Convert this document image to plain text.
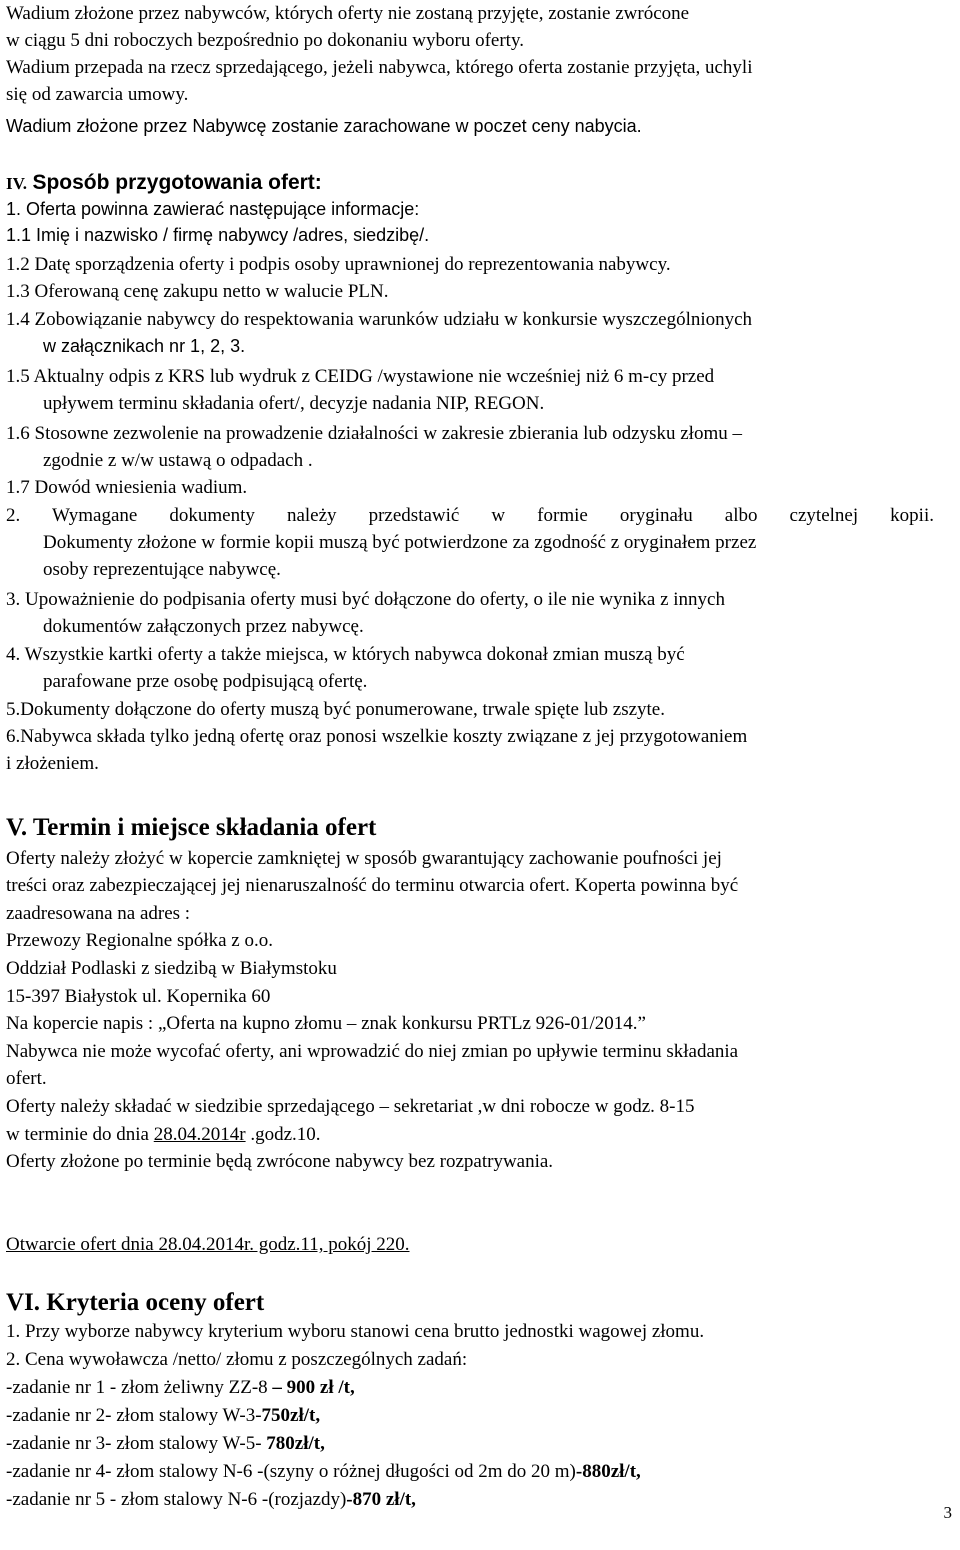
Wadium złożone przez nabywców, których oferty nie zostaną przyjęte, zostanie zwrócone
w ciągu 5 dni roboczych bezpośrednio po dokonaniu wyboru oferty.
Wadium przepada na rzecz sprzedającego, jeżeli nabywca, którego oferta zostanie przyjęta, uchyli
się od zawarcia umowy.
Wadium złożone przez Nabywcę zostanie zarachowane w poczet ceny nabycia.
IV. Sposób przygotowania ofert:
1. Oferta powinna zawierać następujące informacje:
1.1 Imię i nazwisko / firmę nabywcy /adres, siedzibę/.
1.2 Datę sporządzenia oferty i podpis osoby uprawnionej do reprezentowania nabywcy.
1.3 Oferowaną cenę zakupu netto w walucie PLN.
1.4 Zobowiązanie nabywcy do respektowania warunków udziału w konkursie wyszczególnionych
w załącznikach nr 1, 2, 3.
1.5 Aktualny odpis z KRS lub wydruk z CEIDG /wystawione nie wcześniej niż 6 m-cy przed
upływem terminu składania ofert/, decyzje nadania NIP, REGON.
1.6 Stosowne zezwolenie na prowadzenie działalności w zakresie zbierania lub odzysku złomu –
zgodnie z w/w ustawą o odpadach .
1.7 Dowód wniesienia wadium.
2. Wymagane dokumenty należy przedstawić w formie oryginału albo czytelnej kopii.
Dokumenty złożone w formie kopii muszą być potwierdzone za zgodność z oryginałem przez
osoby reprezentujące nabywcę.
3. Upoważnienie do podpisania oferty musi być dołączone do oferty, o ile nie wynika z innych
dokumentów załączonych przez nabywcę.
4. Wszystkie kartki oferty a także miejsca, w których nabywca dokonał zmian muszą być
parafowane prze osobę podpisującą ofertę.
5.Dokumenty dołączone do oferty muszą być ponumerowane, trwale spięte lub zszyte.
6.Nabywca składa tylko jedną ofertę oraz ponosi wszelkie koszty związane z jej przygotowaniem
i złożeniem.
V. Termin i miejsce składania ofert
Oferty należy złożyć w kopercie zamkniętej w sposób gwarantujący zachowanie poufności jej
treści oraz zabezpieczającej jej nienaruszalność do terminu otwarcia ofert. Koperta powinna być
zaadresowana na adres :
Przewozy Regionalne spółka z o.o.
Oddział Podlaski z siedzibą w Białymstoku
15-397 Białystok ul. Kopernika 60
Na kopercie napis : „Oferta na kupno złomu – znak konkursu PRTLz 926-01/2014.”
Nabywca nie może wycofać oferty, ani wprowadzić do niej zmian po upływie terminu składania
ofert.
Oferty należy składać w siedzibie sprzedającego – sekretariat ,w dni robocze w godz. 8-15
w terminie do dnia 28.04.2014r .godz.10.
Oferty złożone po terminie będą zwrócone nabywcy bez rozpatrywania.
Otwarcie ofert dnia 28.04.2014r. godz.11, pokój 220.
VI. Kryteria oceny ofert
1. Przy wyborze nabywcy kryterium wyboru stanowi cena brutto jednostki wagowej złomu.
2. Cena wywoławcza /netto/ złomu z poszczególnych zadań:
-zadanie nr 1 - złom żeliwny ZZ-8 – 900 zł /t,
-zadanie nr 2- złom stalowy W-3-750zł/t,
-zadanie nr 3- złom stalowy W-5- 780zł/t,
-zadanie nr 4- złom stalowy N-6 -(szyny o różnej długości od 2m do 20 m)-880zł/t,
-zadanie nr 5 - złom stalowy N-6 -(rozjazdy)-870 zł/t,
3
